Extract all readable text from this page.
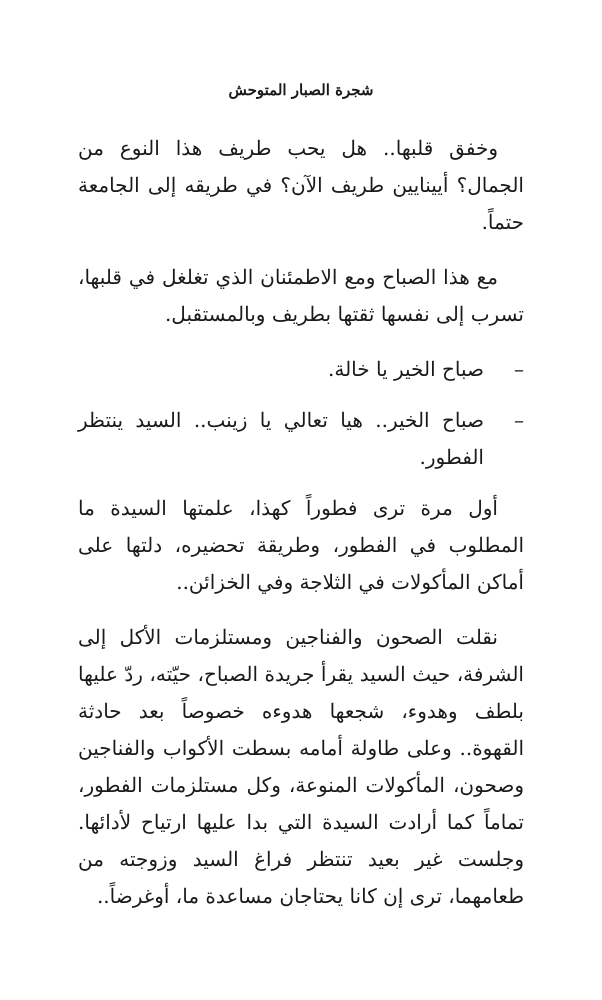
شجرة الصبار المتوحش

وخفق قلبها.. هل يحب طريف هذا النوع من الجمال؟ أيينايين طريف الآن؟ في طريقه إلى الجامعة حتماً.

مع هذا الصباح ومع الاطمئنان الذي تغلغل في قلبها، تسرب إلى نفسها ثقتها بطريف وبالمستقبل.

–
صباح الخير يا خالة.
–
صباح الخير.. هيا تعالي يا زينب.. السيد ينتظر الفطور.

أول مرة ترى فطوراً كهذا، علمتها السيدة ما المطلوب في الفطور، وطريقة تحضيره، دلتها على أماكن المأكولات في الثلاجة وفي الخزائن..

نقلت الصحون والفناجين ومستلزمات الأكل إلى الشرفة، حيث السيد يقرأ جريدة الصباح، حيّته، ردّ عليها بلطف وهدوء، شجعها هدوءه خصوصاً بعد حادثة القهوة.. وعلى طاولة أمامه بسطت الأكواب والفناجين وصحون، المأكولات المنوعة، وكل مستلزمات الفطور، تماماً كما أرادت السيدة التي بدا عليها ارتياح لأدائها. وجلست غير بعيد تنتظر فراغ السيد وزوجته من طعامهما، ترى إن كانا يحتاجان مساعدة ما، أوغرضاً..
